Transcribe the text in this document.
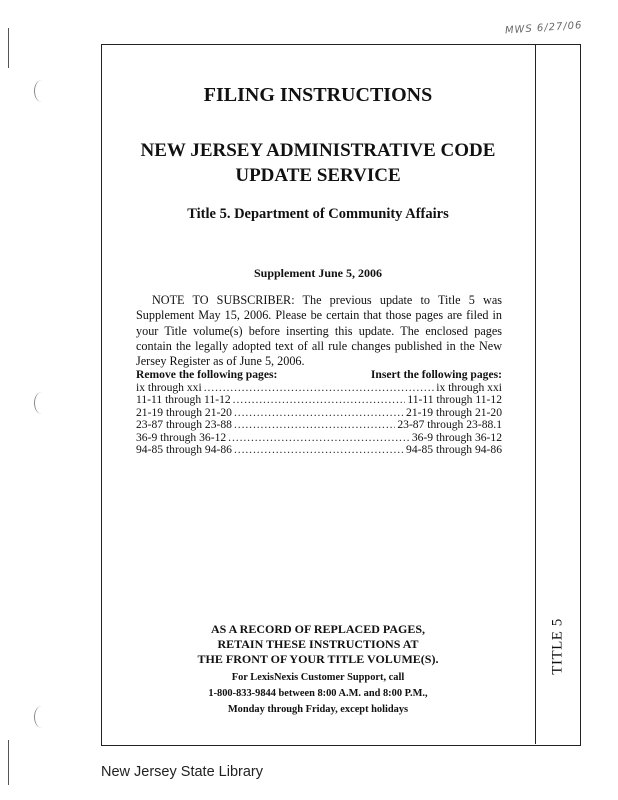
MWS 6/27/06
TITLE 5
FILING INSTRUCTIONS
NEW JERSEY ADMINISTRATIVE CODE
UPDATE SERVICE
Title 5. Department of Community Affairs
Supplement June 5, 2006
NOTE TO SUBSCRIBER: The previous update to Title 5 was Supplement May 15, 2006. Please be certain that those pages are filed in your Title volume(s) before inserting this update. The enclosed pages contain the legally adopted text of all rule changes published in the New Jersey Register as of June 5, 2006.
Remove the following pages:	Insert the following pages:
ix through xxi . . .	ix through xxi
11-11 through 11-12 . . .	11-11 through 11-12
21-19 through 21-20 . . .	21-19 through 21-20
23-87 through 23-88 . . .	23-87 through 23-88.1
36-9 through 36-12 . . .	36-9 through 36-12
94-85 through 94-86 . . .	94-85 through 94-86
AS A RECORD OF REPLACED PAGES,
RETAIN THESE INSTRUCTIONS AT
THE FRONT OF YOUR TITLE VOLUME(S).
For LexisNexis Customer Support, call
1-800-833-9844 between 8:00 A.M. and 8:00 P.M.,
Monday through Friday, except holidays
New Jersey State Library
